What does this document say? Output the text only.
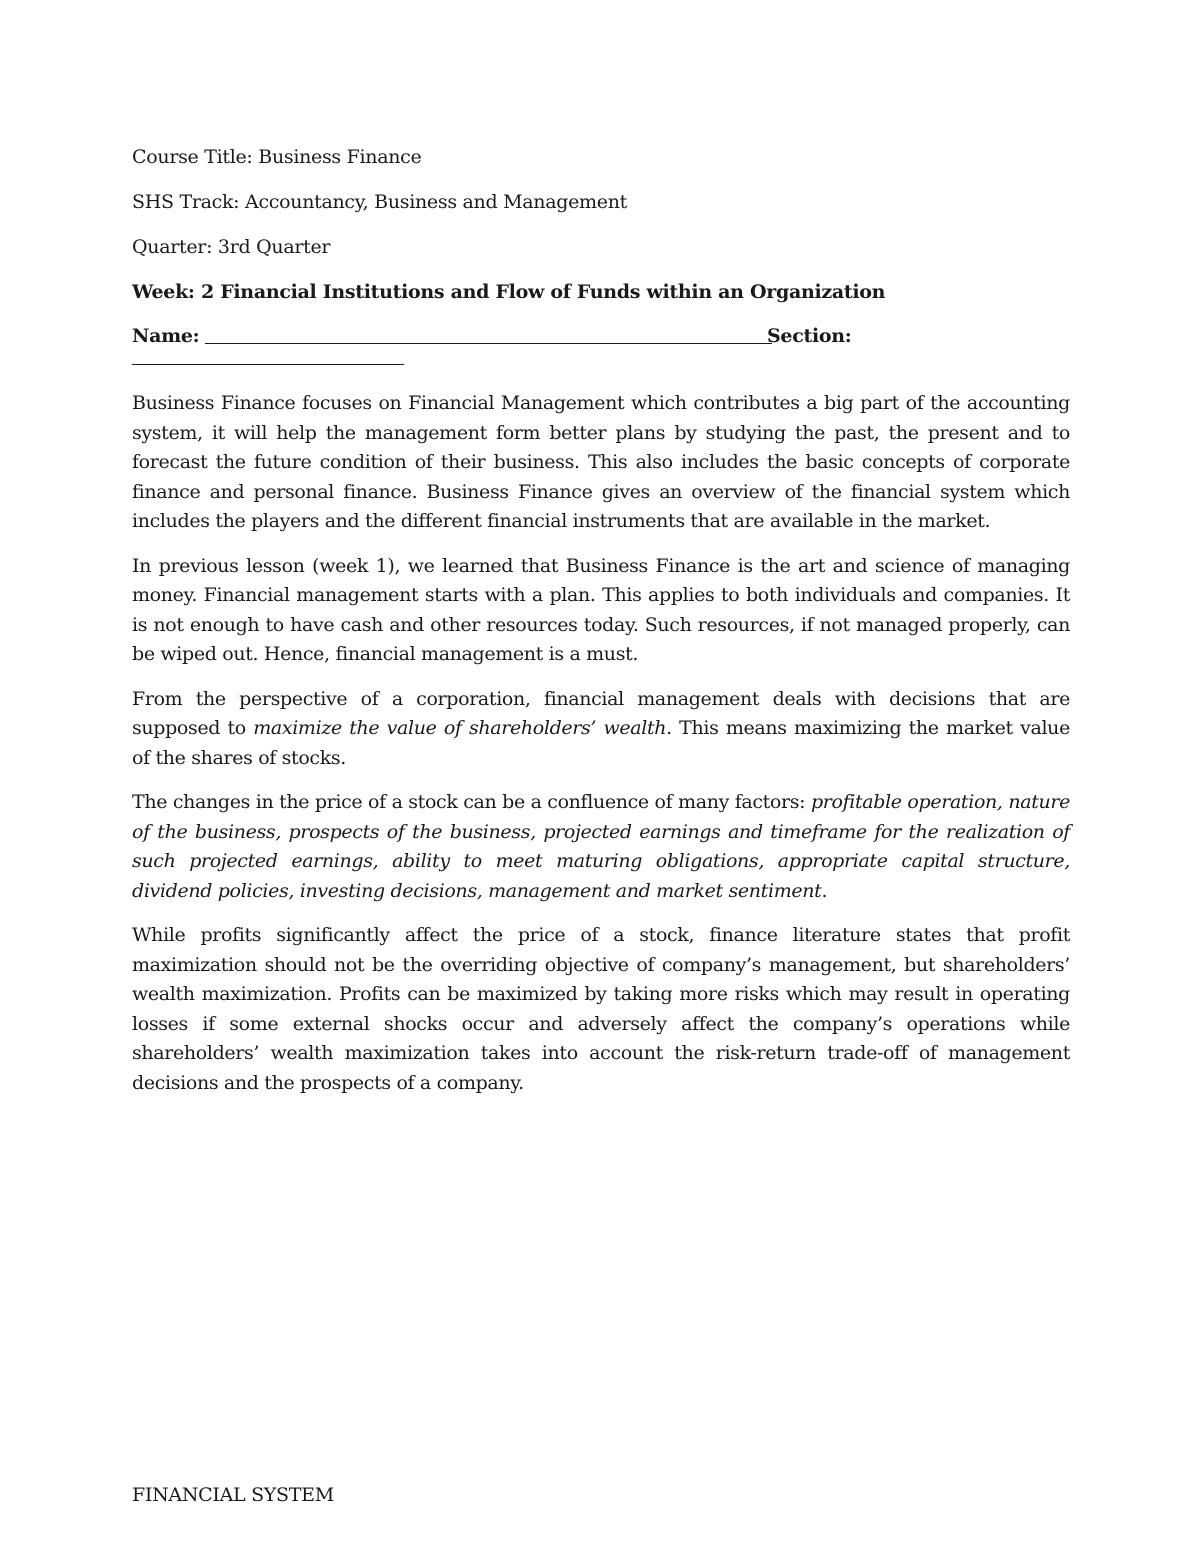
Course Title: Business Finance

SHS Track: Accountancy, Business and Management

Quarter: 3rd Quarter

Week: 2 Financial Institutions and Flow of Funds within an Organization

Name:	Section:

Business Finance focuses on Financial Management which contributes a big part of the accounting system, it will help the management form better plans by studying the past, the present and to forecast the future condition of their business. This also includes the basic concepts of corporate finance and personal finance. Business Finance gives an overview of the financial system which includes the players and the different financial instruments that are available in the market.

In previous lesson (week 1), we learned that Business Finance is the art and science of managing money. Financial management starts with a plan. This applies to both individuals and companies. It is not enough to have cash and other resources today. Such resources, if not managed properly, can be wiped out. Hence, financial management is a must.

From the perspective of a corporation, financial management deals with decisions that are supposed to maximize the value of shareholders’ wealth. This means maximizing the market value of the shares of stocks.

The changes in the price of a stock can be a confluence of many factors: profitable operation, nature of the business, prospects of the business, projected earnings and timeframe for the realization of such projected earnings, ability to meet maturing obligations, appropriate capital structure, dividend policies, investing decisions, management and market sentiment.

While profits significantly affect the price of a stock, finance literature states that profit maximization should not be the overriding objective of company’s management, but shareholders’ wealth maximization. Profits can be maximized by taking more risks which may result in operating losses if some external shocks occur and adversely affect the company’s operations while shareholders’ wealth maximization takes into account the risk-return trade-off of management decisions and the prospects of a company.

FINANCIAL SYSTEM
